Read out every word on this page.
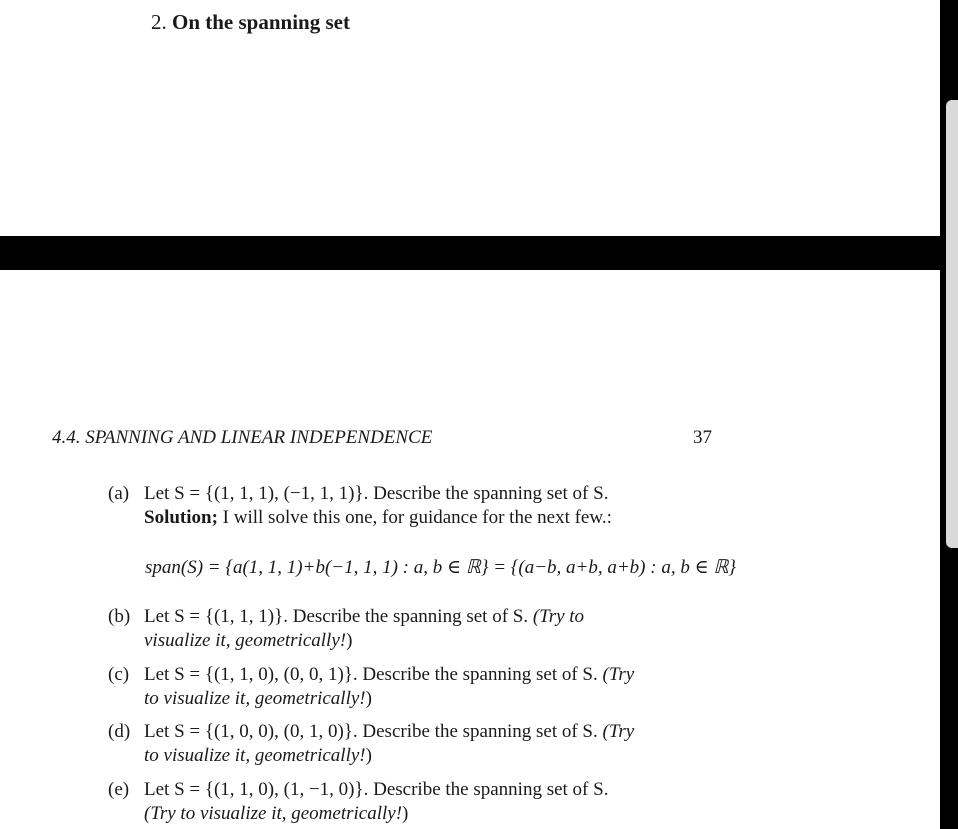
2. On the spanning set
4.4. SPANNING AND LINEAR INDEPENDENCE	37
(a) Let S = {(1, 1, 1), (−1, 1, 1)}. Describe the spanning set of S.
Solution; I will solve this one, for guidance for the next few.:
span(S) = {a(1, 1, 1)+b(−1, 1, 1) : a, b ∈ ℝ} = {(a−b, a+b, a+b) : a, b ∈ ℝ}
(b) Let S = {(1, 1, 1)}. Describe the spanning set of S. (Try to
visualize it, geometrically!)
(c) Let S = {(1, 1, 0), (0, 0, 1)}. Describe the spanning set of S. (Try
to visualize it, geometrically!)
(d) Let S = {(1, 0, 0), (0, 1, 0)}. Describe the spanning set of S. (Try
to visualize it, geometrically!)
(e) Let S = {(1, 1, 0), (1, −1, 0)}. Describe the spanning set of S.
(Try to visualize it, geometrically!)
